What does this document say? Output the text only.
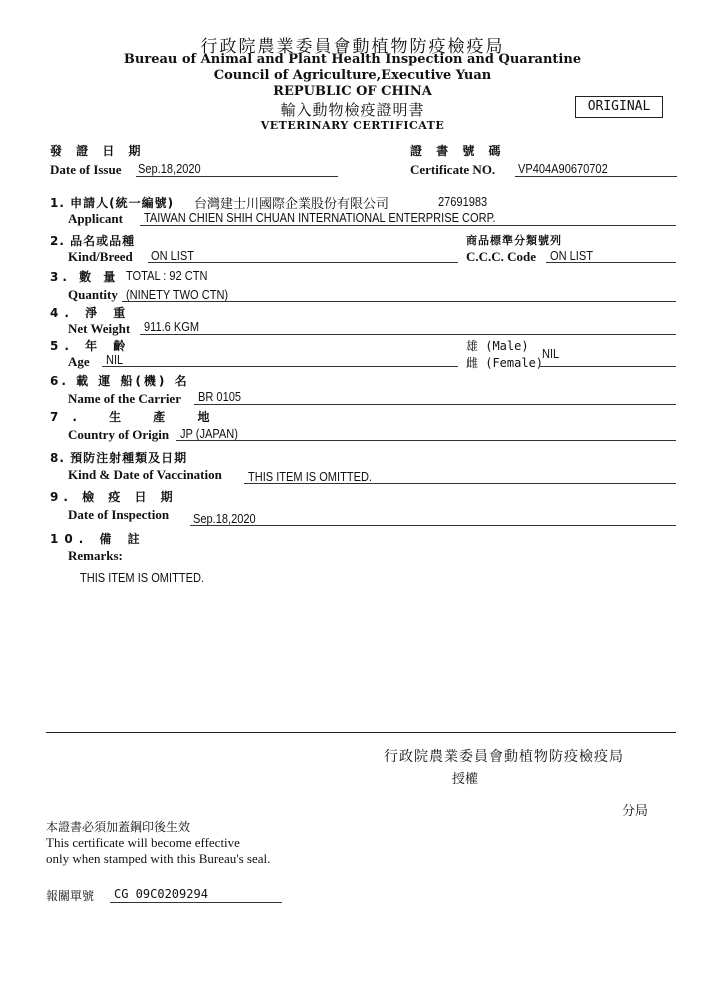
行政院農業委員會動植物防疫檢疫局
Bureau of Animal and Plant Health Inspection and Quarantine
Council of Agriculture,Executive Yuan
REPUBLIC OF CHINA
輸入動物檢疫證明書
VETERINARY CERTIFICATE
ORIGINAL
發 證 日 期
Date of Issue Sep.18,2020
證 書 號 碼
Certificate NO. VP404A90670702
1. 申請人(統一編號) 台灣建士川國際企業股份有限公司	27691983
Applicant TAIWAN CHIEN SHIH CHUAN INTERNATIONAL ENTERPRISE CORP.
2. 品名或品種
Kind/Breed ON LIST
商品標準分類號列
C.C.C. Code ON LIST
3. 數 量 TOTAL : 92 CTN
Quantity (NINETY TWO CTN)
4. 淨 重
Net Weight 911.6 KGM
5. 年 齡
Age NIL
雄 (Male)
雌 (Female)
NIL
6. 載 運 船(機) 名
Name of the Carrier BR 0105
7. 生 產 地
Country of Origin JP (JAPAN)
8. 預防注射種類及日期
Kind & Date of Vaccination THIS ITEM IS OMITTED.
9. 檢 疫 日 期
Date of Inspection Sep.18,2020
10. 備 註
Remarks:
THIS ITEM IS OMITTED.
行政院農業委員會動植物防疫檢疫局
授權
分局
本證書必須加蓋鋼印後生效
This certificate will become effective
only when stamped with this Bureau's seal.
報關單號 CG 09C0209294
